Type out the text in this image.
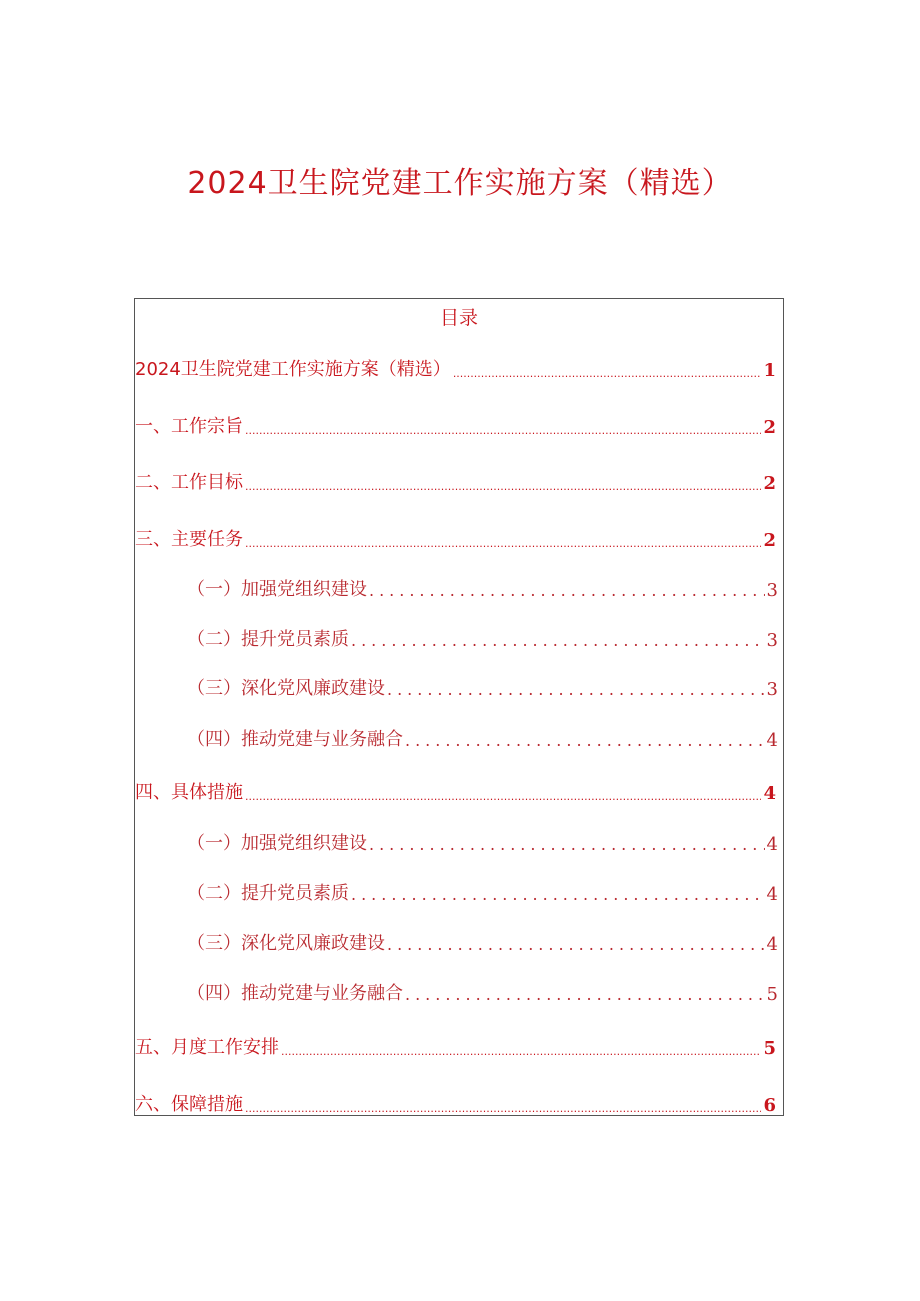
2024卫生院党建工作实施方案（精选）
目录
2024卫生院党建工作实施方案（精选） .....	1
一、工作宗旨 .....	2
二、工作目标 .....	2
三、主要任务 .....	2
（一）加强党组织建设 .....	3
（二）提升党员素质 .....	3
（三）深化党风廉政建设 .....	3
（四）推动党建与业务融合 .....	4
四、具体措施 .....	4
（一）加强党组织建设 .....	4
（二）提升党员素质 .....	4
（三）深化党风廉政建设 .....	4
（四）推动党建与业务融合 .....	5
五、月度工作安排 .....	5
六、保障措施 .....	6
